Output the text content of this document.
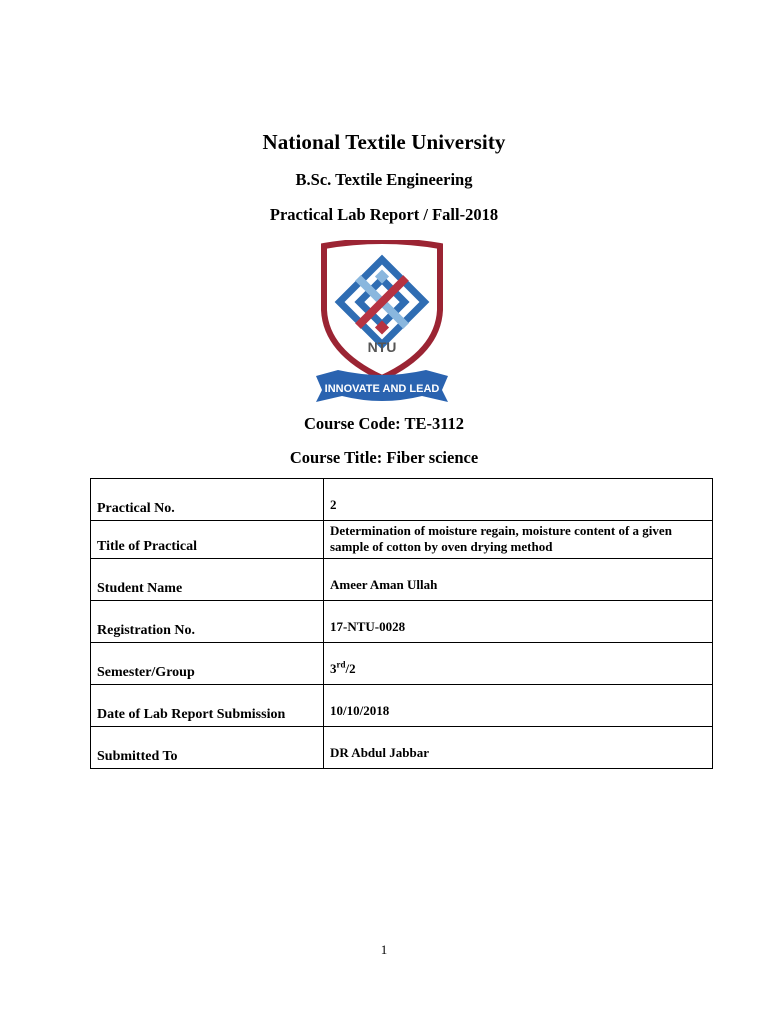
National Textile University
B.Sc. Textile Engineering
Practical Lab Report / Fall-2018
NTU
INNOVATE AND LEAD
Course Code: TE-3112
Course Title: Fiber science
Practical No.	2
Title of Practical	Determination of moisture regain, moisture content of a given sample of cotton by oven drying method
Student Name	Ameer Aman Ullah
Registration No.	17-NTU-0028
Semester/Group	3rd/2
Date of Lab Report Submission	10/10/2018
Submitted To	DR Abdul Jabbar
1
